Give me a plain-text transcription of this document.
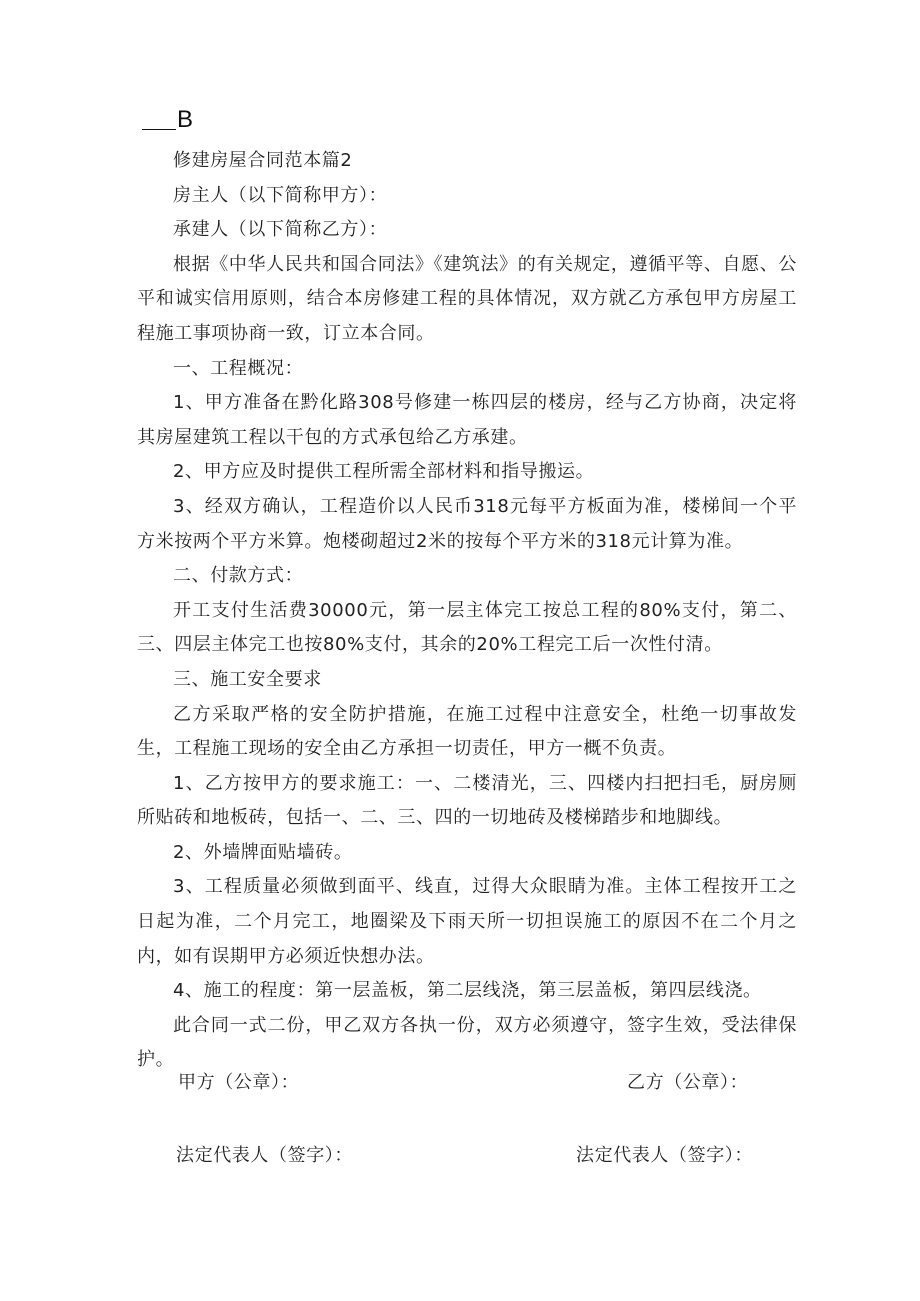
B

修建房屋合同范本篇2

房主人（以下简称甲方）：

承建人（以下简称乙方）：

根据《中华人民共和国合同法》《建筑法》的有关规定，遵循平等、自愿、公平和诚实信用原则，结合本房修建工程的具体情况，双方就乙方承包甲方房屋工程施工事项协商一致，订立本合同。

一、工程概况：

1、甲方准备在黔化路308号修建一栋四层的楼房，经与乙方协商，决定将其房屋建筑工程以干包的方式承包给乙方承建。

2、甲方应及时提供工程所需全部材料和指导搬运。

3、经双方确认，工程造价以人民币318元每平方板面为准，楼梯间一个平方米按两个平方米算。炮楼砌超过2米的按每个平方米的318元计算为准。

二、付款方式：

开工支付生活费30000元，第一层主体完工按总工程的80%支付，第二、三、四层主体完工也按80%支付，其余的20%工程完工后一次性付清。

三、施工安全要求

乙方采取严格的安全防护措施，在施工过程中注意安全，杜绝一切事故发生，工程施工现场的安全由乙方承担一切责任，甲方一概不负责。

1、乙方按甲方的要求施工：一、二楼清光，三、四楼内扫把扫毛，厨房厕所贴砖和地板砖，包括一、二、三、四的一切地砖及楼梯踏步和地脚线。

2、外墙牌面贴墙砖。

3、工程质量必须做到面平、线直，过得大众眼睛为准。主体工程按开工之日起为准，二个月完工，地圈梁及下雨天所一切担误施工的原因不在二个月之内，如有误期甲方必须近快想办法。

4、施工的程度：第一层盖板，第二层线浇，第三层盖板，第四层线浇。

此合同一式二份，甲乙双方各执一份，双方必须遵守，签字生效，受法律保护。

甲方（公章）：	乙方（公章）：
法定代表人（签字）：	法定代表人（签字）：
